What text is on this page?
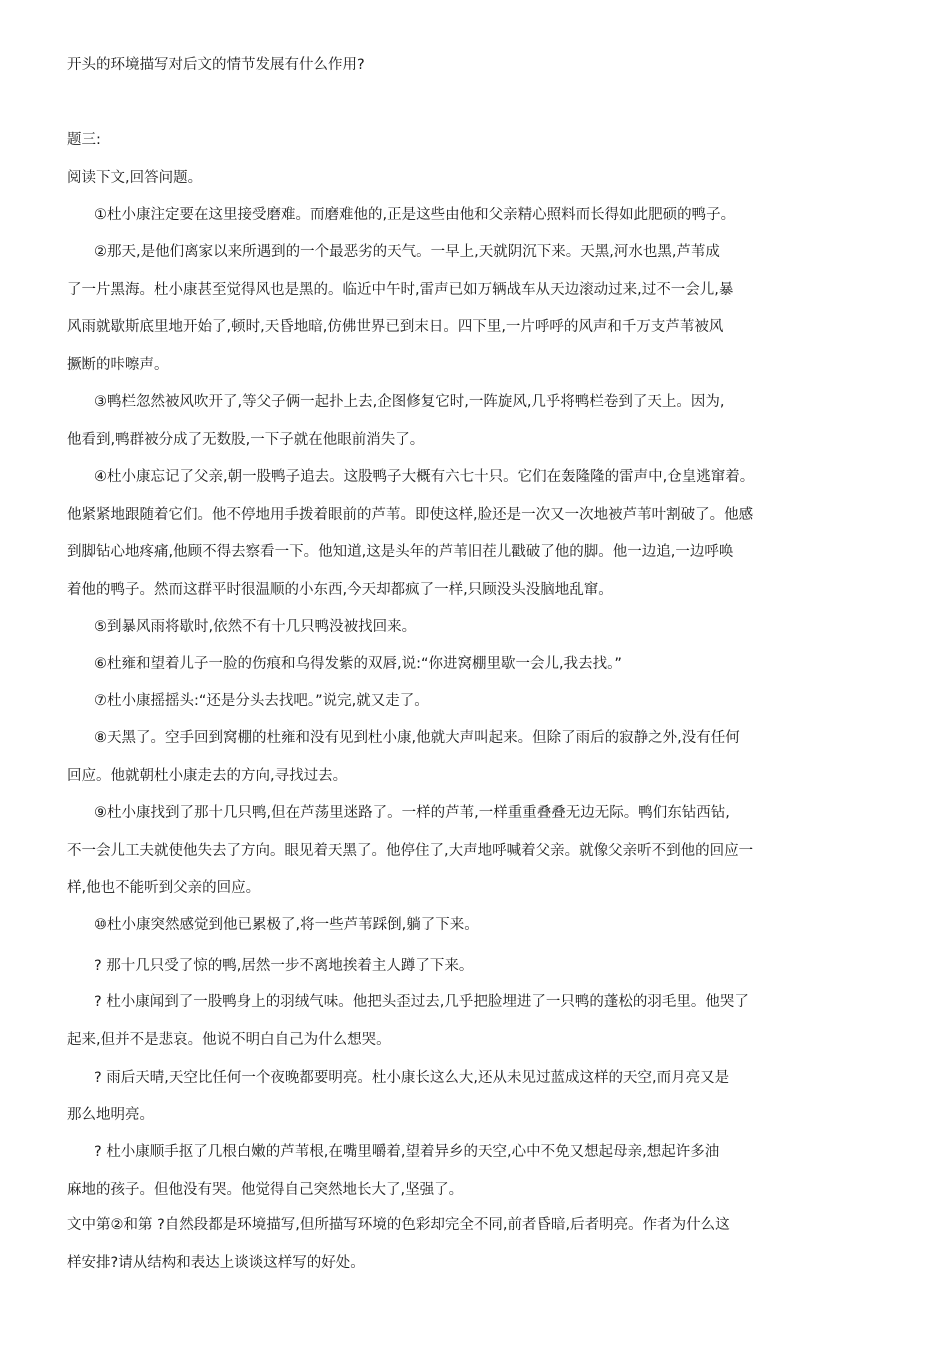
开头的环境描写对后文的情节发展有什么作用?
题三:
阅读下文,回答问题。
①杜小康注定要在这里接受磨难。而磨难他的,正是这些由他和父亲精心照料而长得如此肥硕的鸭子。
②那天,是他们离家以来所遇到的一个最恶劣的天气。一早上,天就阴沉下来。天黑,河水也黑,芦苇成
了一片黑海。杜小康甚至觉得风也是黑的。临近中午时,雷声已如万辆战车从天边滚动过来,过不一会儿,暴
风雨就歇斯底里地开始了,顿时,天昏地暗,仿佛世界已到末日。四下里,一片呼呼的风声和千万支芦苇被风
撅断的咔嚓声。
③鸭栏忽然被风吹开了,等父子俩一起扑上去,企图修复它时,一阵旋风,几乎将鸭栏卷到了天上。因为,
他看到,鸭群被分成了无数股,一下子就在他眼前消失了。
④杜小康忘记了父亲,朝一股鸭子追去。这股鸭子大概有六七十只。它们在轰隆隆的雷声中,仓皇逃窜着。
他紧紧地跟随着它们。他不停地用手拨着眼前的芦苇。即使这样,脸还是一次又一次地被芦苇叶割破了。他感
到脚钻心地疼痛,他顾不得去察看一下。他知道,这是头年的芦苇旧茬儿戳破了他的脚。他一边追,一边呼唤
着他的鸭子。然而这群平时很温顺的小东西,今天却都疯了一样,只顾没头没脑地乱窜。
⑤到暴风雨将歇时,依然不有十几只鸭没被找回来。
⑥杜雍和望着儿子一脸的伤痕和乌得发紫的双唇,说:“你进窝棚里歇一会儿,我去找。”
⑦杜小康摇摇头:“还是分头去找吧。”说完,就又走了。
⑧天黑了。空手回到窝棚的杜雍和没有见到杜小康,他就大声叫起来。但除了雨后的寂静之外,没有任何
回应。他就朝杜小康走去的方向,寻找过去。
⑨杜小康找到了那十几只鸭,但在芦荡里迷路了。一样的芦苇,一样重重叠叠无边无际。鸭们东钻西钻,
不一会儿工夫就使他失去了方向。眼见着天黑了。他停住了,大声地呼喊着父亲。就像父亲听不到他的回应一
样,他也不能听到父亲的回应。
⑩杜小康突然感觉到他已累极了,将一些芦苇踩倒,躺了下来。
? 那十几只受了惊的鸭,居然一步不离地挨着主人蹲了下来。
? 杜小康闻到了一股鸭身上的羽绒气味。他把头歪过去,几乎把脸埋进了一只鸭的蓬松的羽毛里。他哭了
起来,但并不是悲哀。他说不明白自己为什么想哭。
? 雨后天晴,天空比任何一个夜晚都要明亮。杜小康长这么大,还从未见过蓝成这样的天空,而月亮又是
那么地明亮。
? 杜小康顺手抠了几根白嫩的芦苇根,在嘴里嚼着,望着异乡的天空,心中不免又想起母亲,想起许多油
麻地的孩子。但他没有哭。他觉得自己突然地长大了,坚强了。
文中第②和第 ?自然段都是环境描写,但所描写环境的色彩却完全不同,前者昏暗,后者明亮。作者为什么这
样安排?请从结构和表达上谈谈这样写的好处。
